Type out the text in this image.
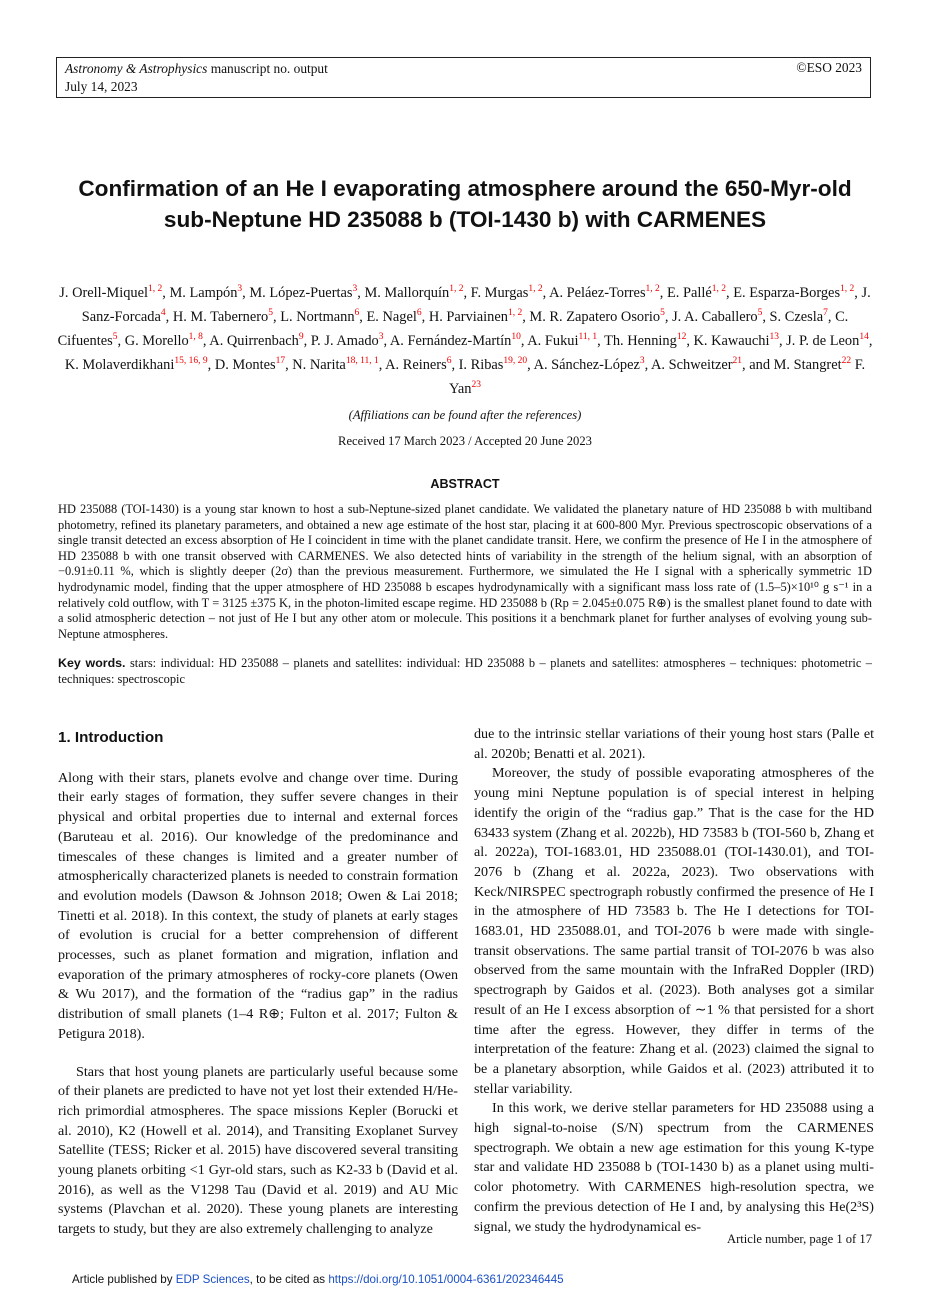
Astronomy & Astrophysics manuscript no. output
July 14, 2023
©ESO 2023
Confirmation of an He I evaporating atmosphere around the 650-Myr-old sub-Neptune HD 235088 b (TOI-1430 b) with CARMENES
J. Orell-Miquel$^{1, 2}$, M. Lampón$^3$, M. López-Puertas$^3$, M. Mallorquín$^{1, 2}$, F. Murgas$^{1, 2}$, A. Peláez-Torres$^{1, 2}$, E. Pallé$^{1, 2}$, E. Esparza-Borges$^{1, 2}$, J. Sanz-Forcada$^4$, H. M. Tabernero$^5$, L. Nortmann$^6$, E. Nagel$^6$, H. Parviainen$^{1, 2}$, M. R. Zapatero Osorio$^5$, J. A. Caballero$^5$, S. Czesla$^7$, C. Cifuentes$^5$, G. Morello$^{1, 8}$, A. Quirrenbach$^9$, P. J. Amado$^3$, A. Fernández-Martín$^{10}$, A. Fukui$^{11, 1}$, Th. Henning$^{12}$, K. Kawauchi$^{13}$, J. P. de Leon$^{14}$, K. Molaverdikhani$^{15, 16, 9}$, D. Montes$^{17}$, N. Narita$^{18, 11, 1}$, A. Reiners$^6$, I. Ribas$^{19, 20}$, A. Sánchez-López$^3$, A. Schweitzer$^{21}$, and M. Stangret$^{22}$ F. Yan$^{23}$
(Affiliations can be found after the references)
Received 17 March 2023 / Accepted 20 June 2023
ABSTRACT
HD 235088 (TOI-1430) is a young star known to host a sub-Neptune-sized planet candidate. We validated the planetary nature of HD 235088 b with multiband photometry, refined its planetary parameters, and obtained a new age estimate of the host star, placing it at 600-800 Myr. Previous spectroscopic observations of a single transit detected an excess absorption of He I coincident in time with the planet candidate transit. Here, we confirm the presence of He I in the atmosphere of HD 235088 b with one transit observed with CARMENES. We also detected hints of variability in the strength of the helium signal, with an absorption of −0.91±0.11 %, which is slightly deeper (2σ) than the previous measurement. Furthermore, we simulated the He I signal with a spherically symmetric 1D hydrodynamic model, finding that the upper atmosphere of HD 235088 b escapes hydrodynamically with a significant mass loss rate of (1.5–5)×10¹⁰ g s⁻¹ in a relatively cold outflow, with T = 3125 ±375 K, in the photon-limited escape regime. HD 235088 b (Rp = 2.045±0.075 R⊕) is the smallest planet found to date with a solid atmospheric detection – not just of He I but any other atom or molecule. This positions it a benchmark planet for further analyses of evolving young sub-Neptune atmospheres.
Key words. stars: individual: HD 235088 – planets and satellites: individual: HD 235088 b – planets and satellites: atmospheres – techniques: photometric – techniques: spectroscopic
1. Introduction

Along with their stars, planets evolve and change over time. During their early stages of formation, they suffer severe changes in their physical and orbital properties due to internal and external forces (Baruteau et al. 2016). Our knowledge of the predominance and timescales of these changes is limited and a greater number of atmospherically characterized planets is needed to constrain formation and evolution models (Dawson & Johnson 2018; Owen & Lai 2018; Tinetti et al. 2018). In this context, the study of planets at early stages of evolution is crucial for a better comprehension of different processes, such as planet formation and migration, inflation and evaporation of the primary atmospheres of rocky-core planets (Owen & Wu 2017), and the formation of the “radius gap” in the radius distribution of small planets (1–4 R⊕; Fulton et al. 2017; Fulton & Petigura 2018).

Stars that host young planets are particularly useful because some of their planets are predicted to have not yet lost their extended H/He-rich primordial atmospheres. The space missions Kepler (Borucki et al. 2010), K2 (Howell et al. 2014), and Transiting Exoplanet Survey Satellite (TESS; Ricker et al. 2015) have discovered several transiting young planets orbiting <1 Gyr-old stars, such as K2-33 b (David et al. 2016), as well as the V1298 Tau (David et al. 2019) and AU Mic systems (Plavchan et al. 2020). These young planets are interesting targets to study, but they are also extremely challenging to analyze

due to the intrinsic stellar variations of their young host stars (Palle et al. 2020b; Benatti et al. 2021).

Moreover, the study of possible evaporating atmospheres of the young mini Neptune population is of special interest in helping identify the origin of the “radius gap.” That is the case for the HD 63433 system (Zhang et al. 2022b), HD 73583 b (TOI-560 b, Zhang et al. 2022a), TOI-1683.01, HD 235088.01 (TOI-1430.01), and TOI-2076 b (Zhang et al. 2022a, 2023). Two observations with Keck/NIRSPEC spectrograph robustly confirmed the presence of He I in the atmosphere of HD 73583 b. The He I detections for TOI-1683.01, HD 235088.01, and TOI-2076 b were made with single-transit observations. The same partial transit of TOI-2076 b was also observed from the same mountain with the InfraRed Doppler (IRD) spectrograph by Gaidos et al. (2023). Both analyses got a similar result of an He I excess absorption of ∼1 % that persisted for a short time after the egress. However, they differ in terms of the interpretation of the feature: Zhang et al. (2023) claimed the signal to be a planetary absorption, while Gaidos et al. (2023) attributed it to stellar variability.

In this work, we derive stellar parameters for HD 235088 using a high signal-to-noise (S/N) spectrum from the CARMENES spectrograph. We obtain a new age estimation for this young K-type star and validate HD 235088 b (TOI-1430 b) as a planet using multi-color photometry. With CARMENES high-resolution spectra, we confirm the previous detection of He I and, by analysing this He(2³S) signal, we study the hydrodynamical es-

Article number, page 1 of 17
Article published by EDP Sciences, to be cited as https://doi.org/10.1051/0004-6361/202346445
